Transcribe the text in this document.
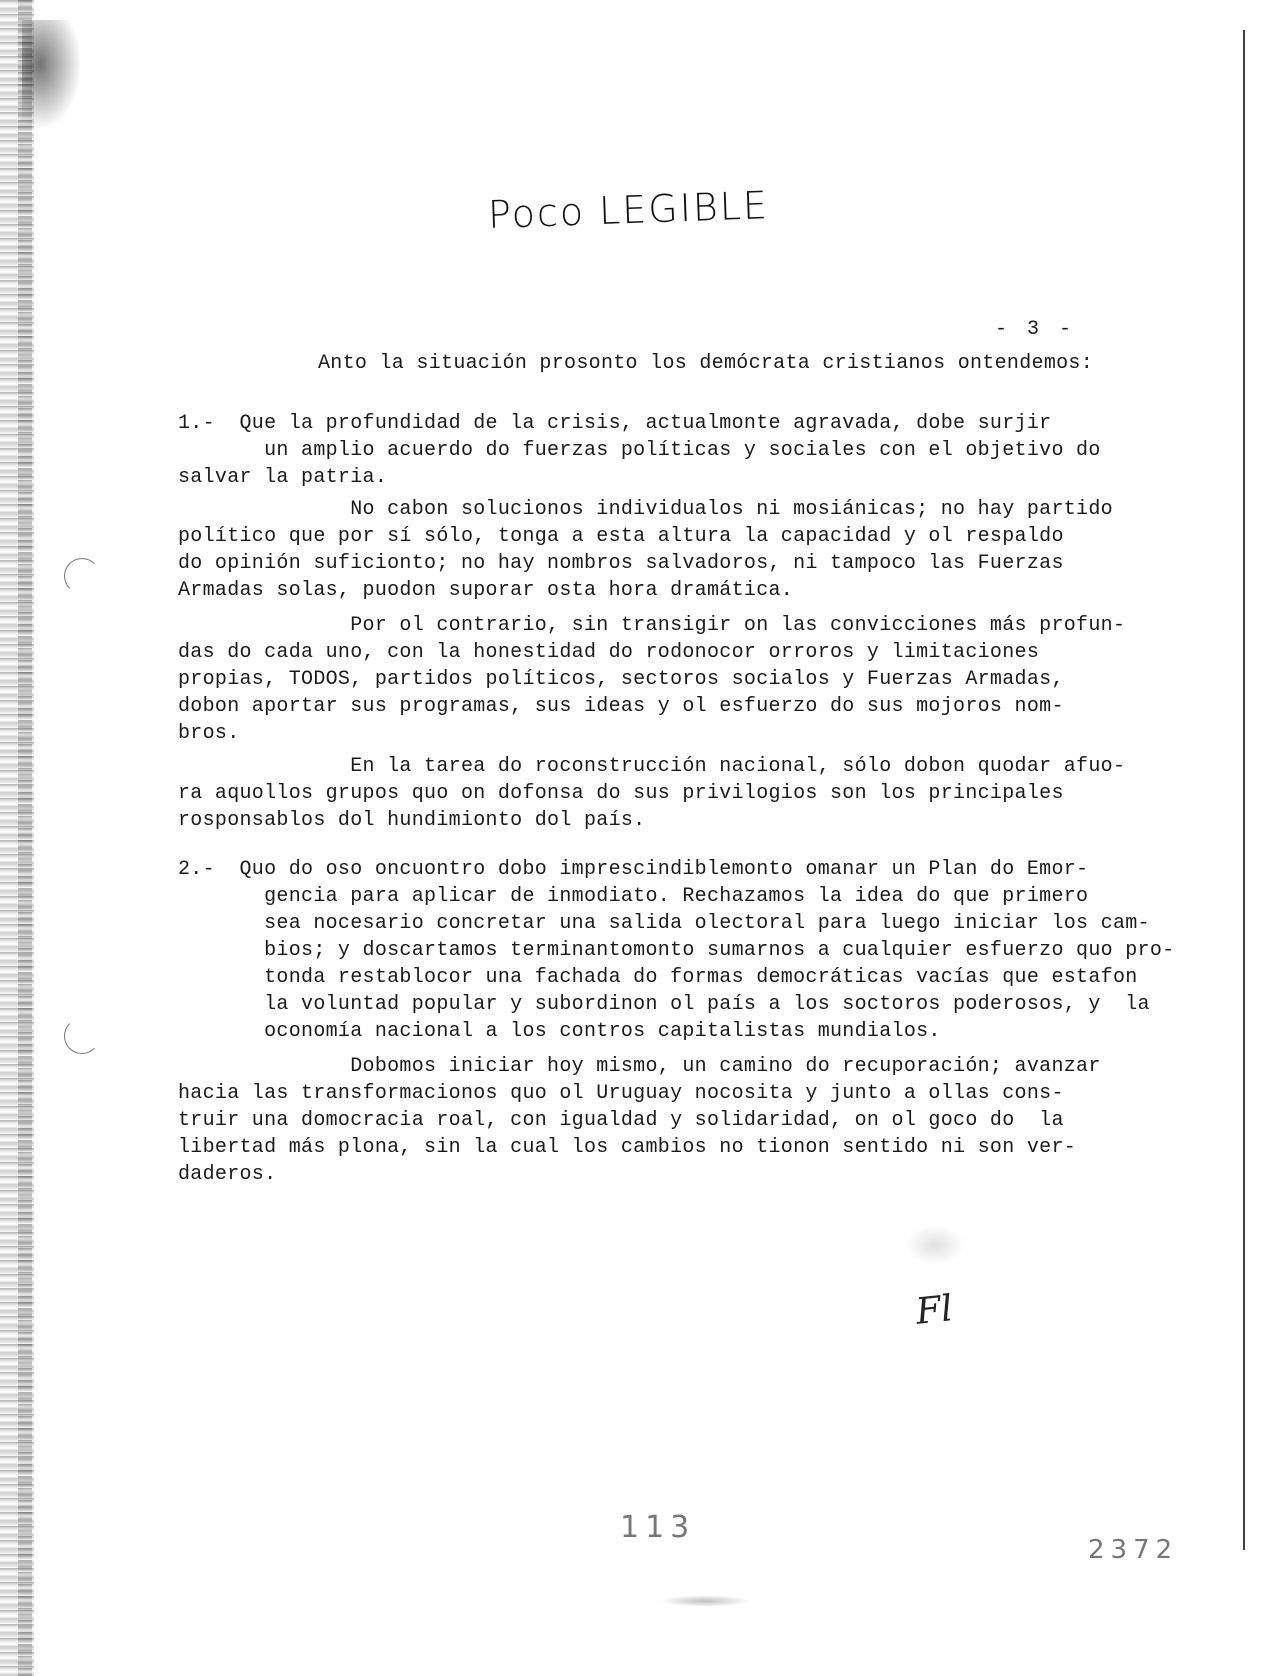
Poco LEGIBLE
- 3 -
Anto la situación prosonto los demócrata cristianos ontendemos:
1.-  Que la profundidad de la crisis, actualmonte agravada, dobe surjir
un amplio acuerdo do fuerzas políticas y sociales con el objetivo do
salvar la patria.
No cabon solucionos individualos ni mosiánicas; no hay partido
político que por sí sólo, tonga a esta altura la capacidad y ol respaldo
do opinión suficionto; no hay nombros salvadoros, ni tampoco las Fuerzas
Armadas solas, puodon suporar osta hora dramática.
Por ol contrario, sin transigir on las convicciones más profun-
das do cada uno, con la honestidad do rodonocor orroros y limitaciones
propias, TODOS, partidos políticos, sectoros socialos y Fuerzas Armadas,
dobon aportar sus programas, sus ideas y ol esfuerzo do sus mojoros nom-
bros.
En la tarea do roconstrucción nacional, sólo dobon quodar afuo-
ra aquollos grupos quo on dofonsa do sus privilogios son los principales
rosponsablos dol hundimionto dol país.
2.-  Quo do oso oncuontro dobo imprescindiblemonto omanar un Plan do Emor-
gencia para aplicar de inmodiato. Rechazamos la idea do que primero
sea nocesario concretar una salida olectoral para luego iniciar los cam-
bios; y doscartamos terminantomonto sumarnos a cualquier esfuerzo quo pro-
tonda restablocor una fachada do formas democráticas vacías que estafon
la voluntad popular y subordinon ol país a los soctoros poderosos, y  la
oconomía nacional a los contros capitalistas mundialos.
Dobomos iniciar hoy mismo, un camino do recuporación; avanzar
hacia las transformacionos quo ol Uruguay nocosita y junto a ollas cons-
truir una domocracia roal, con igualdad y solidaridad, on ol goco do  la
libertad más plona, sin la cual los cambios no tionon sentido ni son ver-
daderos.
Fl
113
2372
